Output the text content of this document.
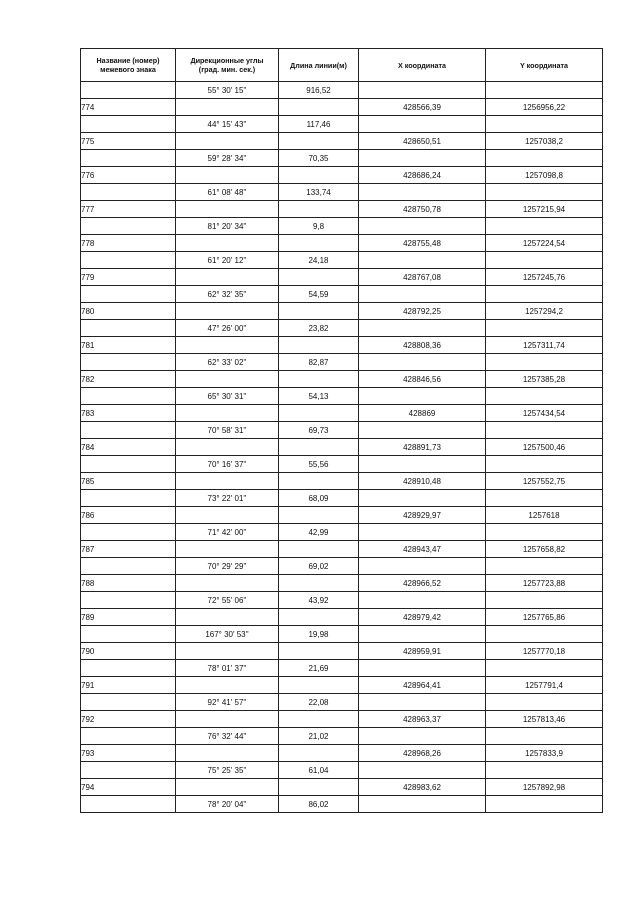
Название (номер)
межевого знака	Дирекционные углы
(град. мин. сек.)	Длина линии(м)	X координата	Y координата
	55° 30' 15''	916,52		
774			428566,39	1256956,22
	44° 15' 43''	117,46		
775			428650,51	1257038,2
	59° 28' 34''	70,35		
776			428686,24	1257098,8
	61° 08' 48''	133,74		
777			428750,78	1257215,94
	81° 20' 34''	9,8		
778			428755,48	1257224,54
	61° 20' 12''	24,18		
779			428767,08	1257245,76
	62° 32' 35''	54,59		
780			428792,25	1257294,2
	47° 26' 00''	23,82		
781			428808,36	1257311,74
	62° 33' 02''	82,87		
782			428846,56	1257385,28
	65° 30' 31''	54,13		
783			428869	1257434,54
	70° 58' 31''	69,73		
784			428891,73	1257500,46
	70° 16' 37''	55,56		
785			428910,48	1257552,75
	73° 22' 01''	68,09		
786			428929,97	1257618
	71° 42' 00''	42,99		
787			428943,47	1257658,82
	70° 29' 29''	69,02		
788			428966,52	1257723,88
	72° 55' 06''	43,92		
789			428979,42	1257765,86
	167° 30' 53''	19,98		
790			428959,91	1257770,18
	78° 01' 37''	21,69		
791			428964,41	1257791,4
	92° 41' 57''	22,08		
792			428963,37	1257813,46
	76° 32' 44''	21,02		
793			428968,26	1257833,9
	75° 25' 35''	61,04		
794			428983,62	1257892,98
	78° 20' 04''	86,02		
